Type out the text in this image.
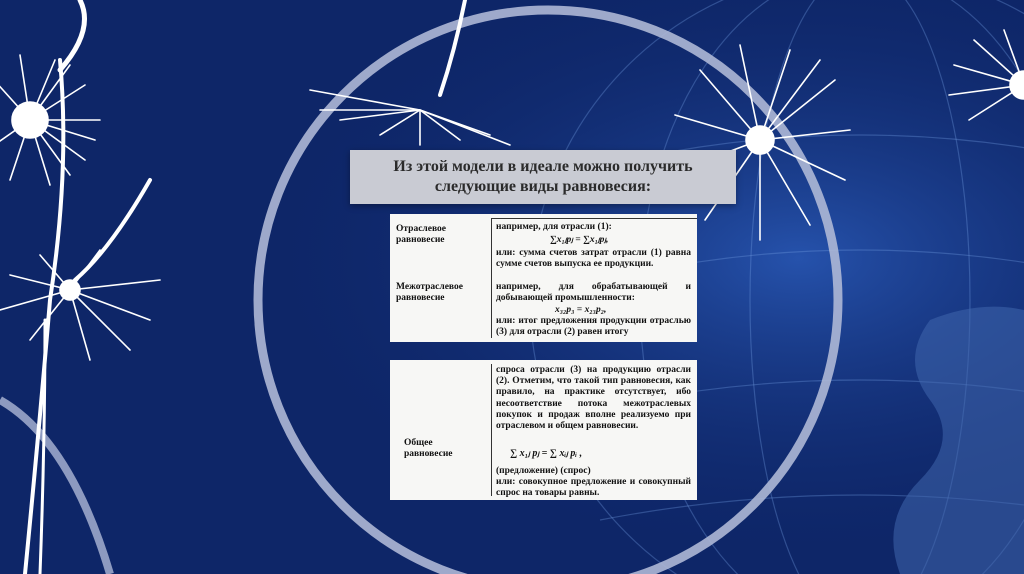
Из этой модели в идеале можно получить
следующие виды равновесия:
Отраслевое
равновесие
например, для отрасли (1):
∑x₁ⱼpⱼ = ∑x₁ⱼpⱼ,
или: сумма счетов затрат отрасли (1) равна сумме счетов выпуска ее продукции.
Межотраслевое
равновесие
например, для обрабатывающей и добывающей промышленности:
x₃₂p₃ = x₂₃p₂,
или: итог предложения продукции отраслью (3) для отрасли (2) равен итогу
спроса отрасли (3) на продукцию отрасли (2). Отметим, что такой тип равновесия, как правило, на практике отсутствует, ибо несоответствие потока межотраслевых покупок и продаж вполне реализуемо при отраслевом и общем равновесии.
Общее
равновесие	∑ x₁ⱼ pⱼ = ∑ xᵢⱼ pᵢ ,
(предложение) (спрос)
или: совокупное предложение и совокупный спрос на товары равны.
